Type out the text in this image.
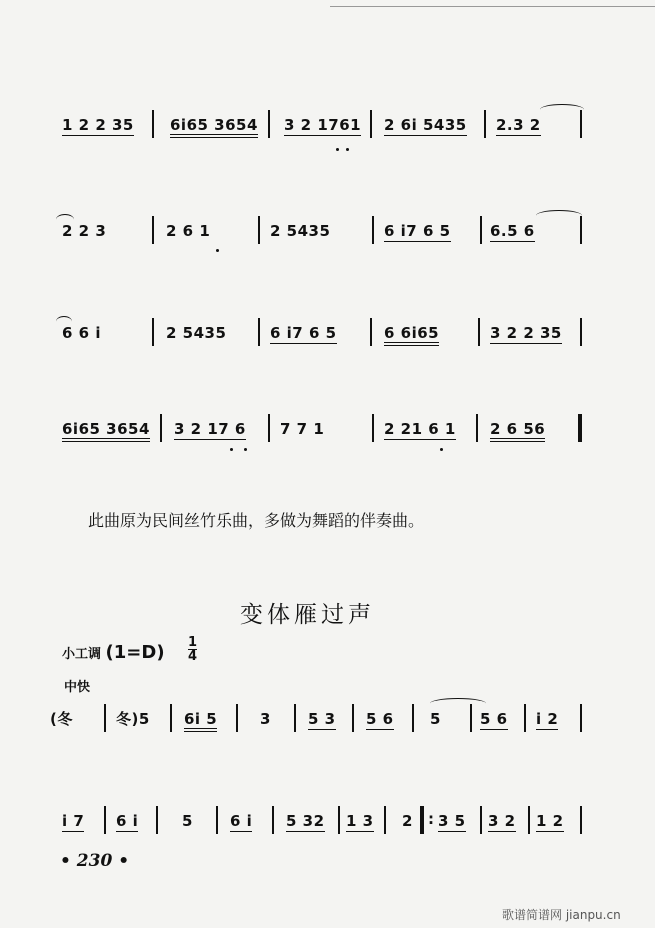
1 2 2 35 6i65 3654 3 2 1761 2 6i 5435 2.3 2
2 2 3	2 6 1	2 5435	6 i7 6 5	6.5 6
6 6 i	2 5435	6 i7 6 5	6 6i65	3 2 2 35
6i65 3654 3 2 17 6 7 7 1	2 21 6 1 2 6 56
此曲原为民间丝竹乐曲，多做为舞蹈的伴奏曲。
变体雁过声
小工调 $(1=D) \frac{1}{4}$
中快
(冬	冬)5 6i 5	3 5 3 5 6 5	5 6 i 2
i 7 6 i	5 6 i 5 32 1 3 2 : 3 5 3 2 1 2
• 230 •
歌谱简谱网 jianpu.cn
